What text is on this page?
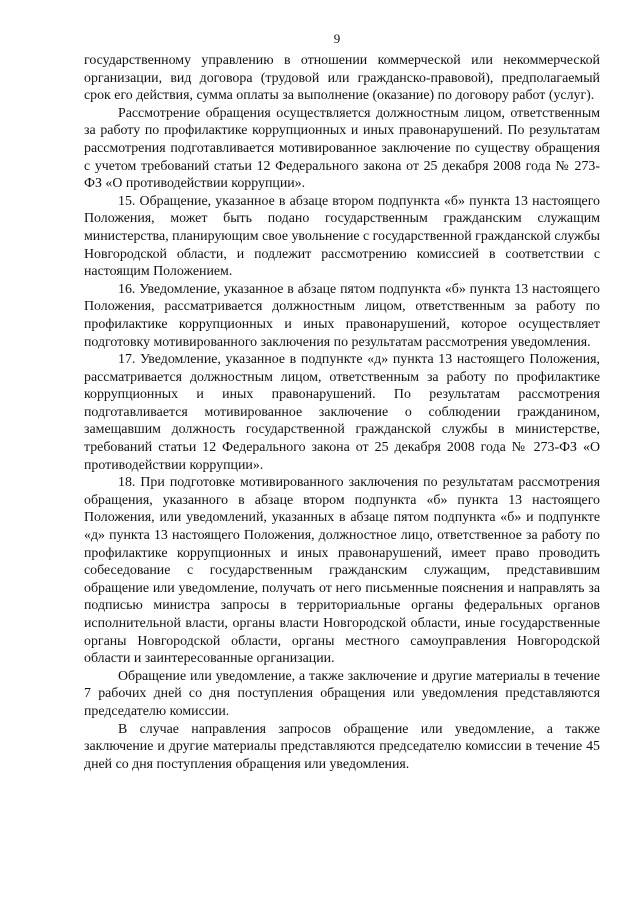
9

государственному управлению в отношении коммерческой или некоммерческой организации, вид договора (трудовой или гражданско-правовой), предполагаемый срок его действия, сумма оплаты за выполнение (оказание) по договору работ (услуг).

Рассмотрение обращения осуществляется должностным лицом, ответственным за работу по профилактике коррупционных и иных правонарушений. По результатам рассмотрения подготавливается мотивированное заключение по существу обращения с учетом требований статьи 12 Федерального закона от 25 декабря 2008 года № 273-ФЗ «О противодействии коррупции».

15. Обращение, указанное в абзаце втором подпункта «б» пункта 13 настоящего Положения, может быть подано государственным гражданским служащим министерства, планирующим свое увольнение с государственной гражданской службы Новгородской области, и подлежит рассмотрению комиссией в соответствии с настоящим Положением.

16. Уведомление, указанное в абзаце пятом подпункта «б» пункта 13 настоящего Положения, рассматривается должностным лицом, ответственным за работу по профилактике коррупционных и иных правонарушений, которое осуществляет подготовку мотивированного заключения по результатам рассмотрения уведомления.

17. Уведомление, указанное в подпункте «д» пункта 13 настоящего Положения, рассматривается должностным лицом, ответственным за работу по профилактике коррупционных и иных правонарушений. По результатам рассмотрения подготавливается мотивированное заключение о соблюдении гражданином, замещавшим должность государственной гражданской службы в министерстве, требований статьи 12 Федерального закона от 25 декабря 2008 года № 273-ФЗ «О противодействии коррупции».

18. При подготовке мотивированного заключения по результатам рассмотрения обращения, указанного в абзаце втором подпункта «б» пункта 13 настоящего Положения, или уведомлений, указанных в абзаце пятом подпункта «б» и подпункте «д» пункта 13 настоящего Положения, должностное лицо, ответственное за работу по профилактике коррупционных и иных правонарушений, имеет право проводить собеседование с государственным гражданским служащим, представившим обращение или уведомление, получать от него письменные пояснения и направлять за подписью министра запросы в территориальные органы федеральных органов исполнительной власти, органы власти Новгородской области, иные государственные органы Новгородской области, органы местного самоуправления Новгородской области и заинтересованные организации.

Обращение или уведомление, а также заключение и другие материалы в течение 7 рабочих дней со дня поступления обращения или уведомления представляются председателю комиссии.

В случае направления запросов обращение или уведомление, а также заключение и другие материалы представляются председателю комиссии в течение 45 дней со дня поступления обращения или уведомления.
